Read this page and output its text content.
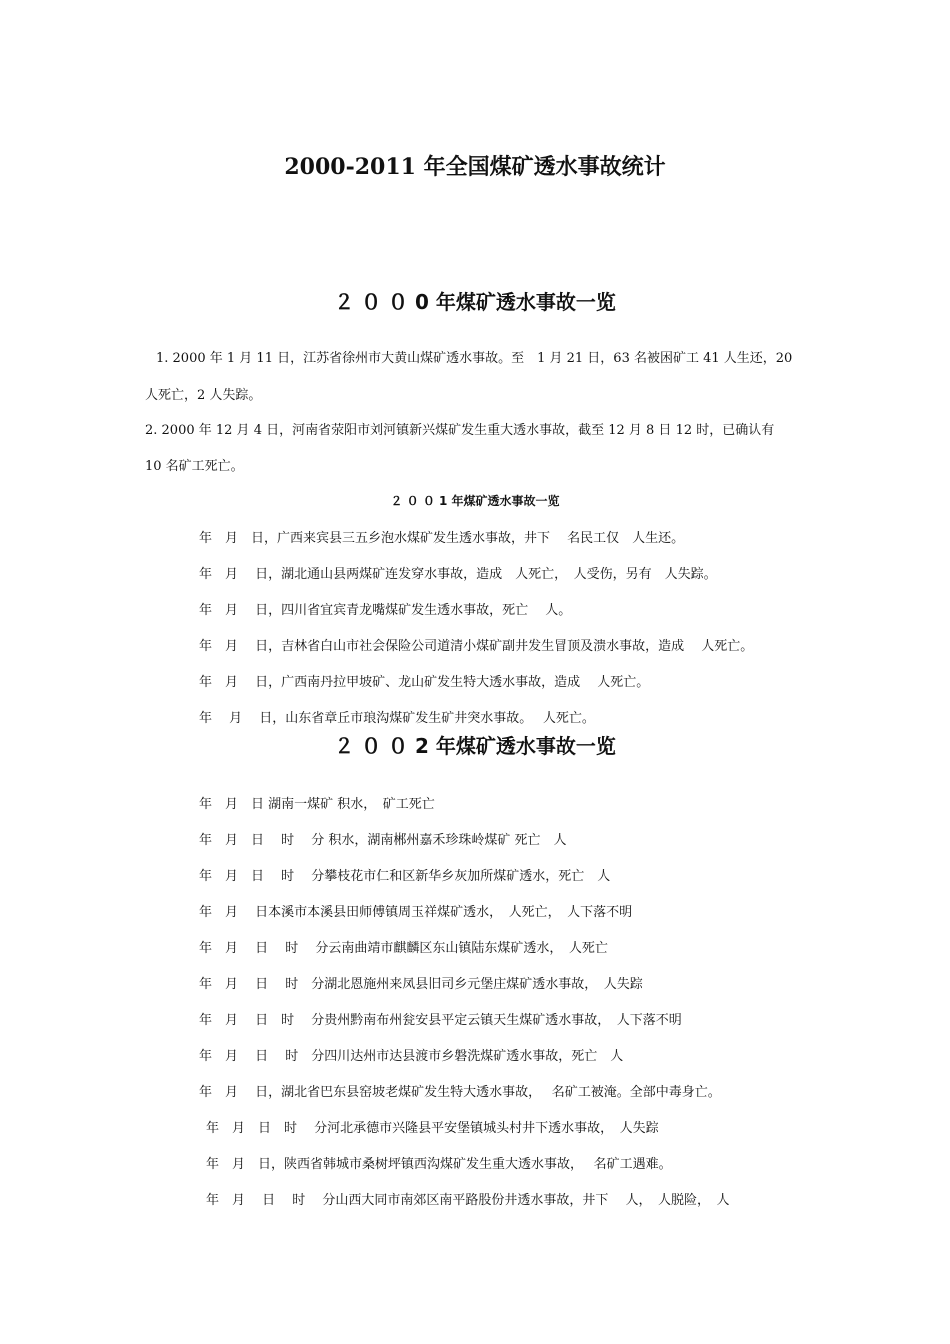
2000-2011 年全国煤矿透水事故统计
２ ０ ０ 0 年煤矿透水事故一览

1. 2000 年 1 月 11 日，江苏省徐州市大黄山煤矿透水事故。至　1 月 21 日，63 名被困矿工 41 人生还，20

人死亡，2 人失踪。

2. 2000 年 12 月 4 日，河南省荥阳市刘河镇新兴煤矿发生重大透水事故，截至 12 月 8 日 12 时，已确认有

10 名矿工死亡。

２ ０ ０ 1 年煤矿透水事故一览

年　月　日，广西来宾县三五乡泡水煤矿发生透水事故，井下　 名民工仅　人生还。

年　月　 日，湖北通山县两煤矿连发穿水事故，造成　人死亡，　人受伤，另有　人失踪。

年　月　 日，四川省宜宾青龙嘴煤矿发生透水事故，死亡　 人。

年　月　 日，吉林省白山市社会保险公司道清小煤矿副井发生冒顶及溃水事故，造成　 人死亡。

年　月　 日，广西南丹拉甲坡矿、龙山矿发生特大透水事故，造成　 人死亡。

年　 月　 日，山东省章丘市琅沟煤矿发生矿井突水事故。　 人死亡。

２ ０ ０ 2 年煤矿透水事故一览

年　月　日 湖南一煤矿 积水，　矿工死亡

年　月　日　 时　 分 积水，湖南郴州嘉禾珍珠岭煤矿 死亡　人

年　月　日　 时　 分攀枝花市仁和区新华乡灰加所煤矿透水，死亡　人

年　月　 日本溪市本溪县田师傅镇周玉祥煤矿透水，　人死亡，　人下落不明

年　月　 日　 时　 分云南曲靖市麒麟区东山镇陆东煤矿透水，　人死亡

年　月　 日　 时　分湖北恩施州来凤县旧司乡元堡庄煤矿透水事故，　人失踪

年　月　 日　时　 分贵州黔南布州瓮安县平定云镇天生煤矿透水事故，　人下落不明

年　月　 日　 时　分四川达州市达县渡市乡磐洗煤矿透水事故，死亡　人

年　月　 日，湖北省巴东县窑坡老煤矿发生特大透水事故，　 名矿工被淹。全部中毒身亡。

年　月　日　时　 分河北承德市兴隆县平安堡镇城头村井下透水事故，　人失踪

年　月　日，陕西省韩城市桑树坪镇西沟煤矿发生重大透水事故，　 名矿工遇难。

年　月　 日　 时　 分山西大同市南郊区南平路股份井透水事故，井下　 人，　人脱险，　人
